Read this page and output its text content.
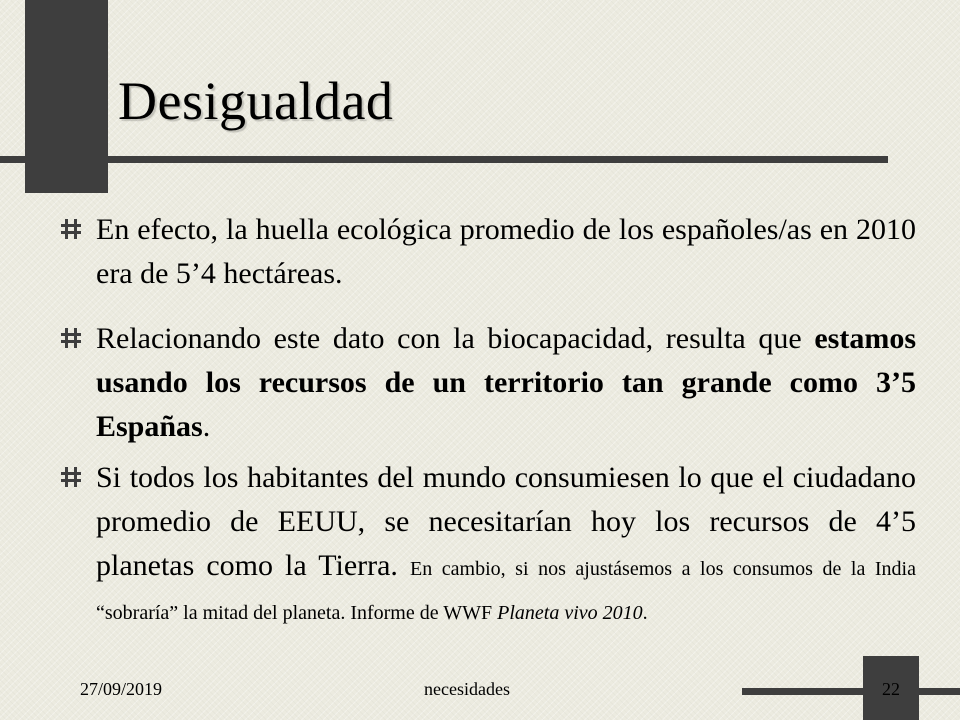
Desigualdad
En efecto, la huella ecológica promedio de los españoles/as en 2010 era de 5’4 hectáreas.
Relacionando este dato con la biocapacidad, resulta que estamos usando los recursos de un territorio tan grande como 3’5 Españas.
Si todos los habitantes del mundo consumiesen lo que el ciudadano promedio de EEUU, se necesitarían hoy los recursos de 4’5 planetas como la Tierra. En cambio, si nos ajustásemos a los consumos de la India “sobraría” la mitad del planeta. Informe de WWF Planeta vivo 2010.
27/09/2019	necesidades	22
